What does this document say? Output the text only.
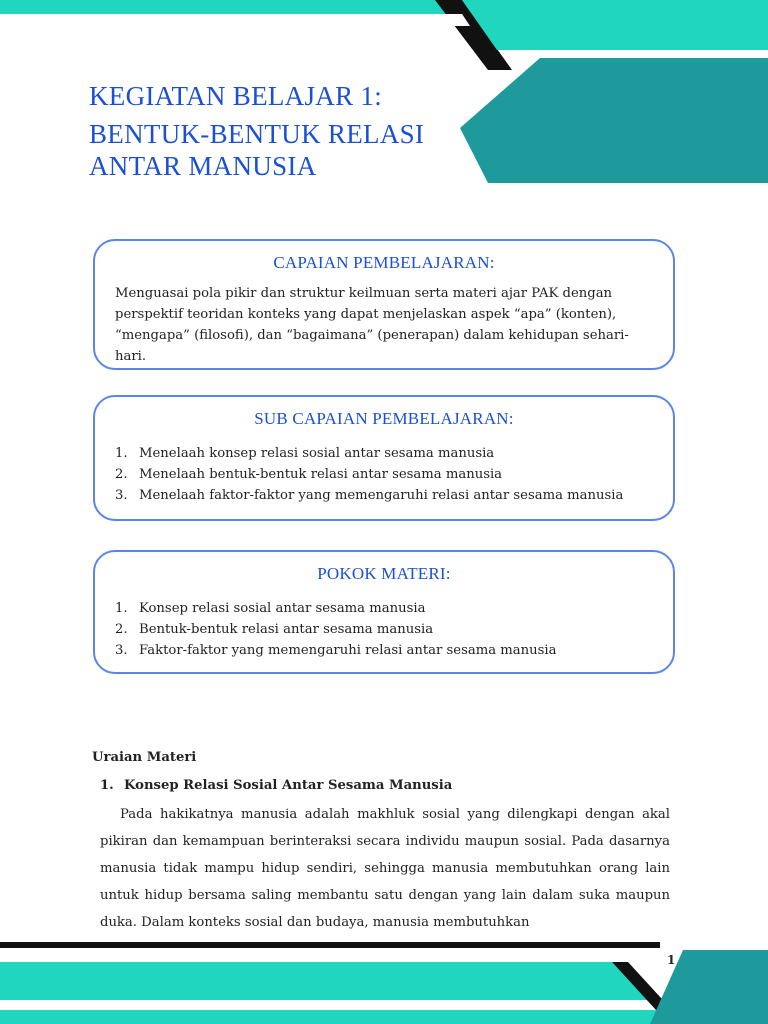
KEGIATAN BELAJAR 1:
BENTUK-BENTUK RELASI
ANTAR MANUSIA
CAPAIAN PEMBELAJARAN:
Menguasai pola pikir dan struktur keilmuan serta materi ajar PAK dengan perspektif teoridan konteks yang dapat menjelaskan aspek “apa” (konten), “mengapa” (filosofi), dan “bagaimana” (penerapan) dalam kehidupan sehari-hari.
SUB CAPAIAN PEMBELAJARAN:
1. Menelaah konsep relasi sosial antar sesama manusia
2. Menelaah bentuk-bentuk relasi antar sesama manusia
3. Menelaah faktor-faktor yang memengaruhi relasi antar sesama manusia
POKOK MATERI:
1. Konsep relasi sosial antar sesama manusia
2. Bentuk-bentuk relasi antar sesama manusia
3. Faktor-faktor yang memengaruhi relasi antar sesama manusia
Uraian Materi
1. Konsep Relasi Sosial Antar Sesama Manusia
Pada hakikatnya manusia adalah makhluk sosial yang dilengkapi dengan akal pikiran dan kemampuan berinteraksi secara individu maupun sosial. Pada dasarnya manusia tidak mampu hidup sendiri, sehingga manusia membutuhkan orang lain untuk hidup bersama saling membantu satu dengan yang lain dalam suka maupun duka. Dalam konteks sosial dan budaya, manusia membutuhkan
1
